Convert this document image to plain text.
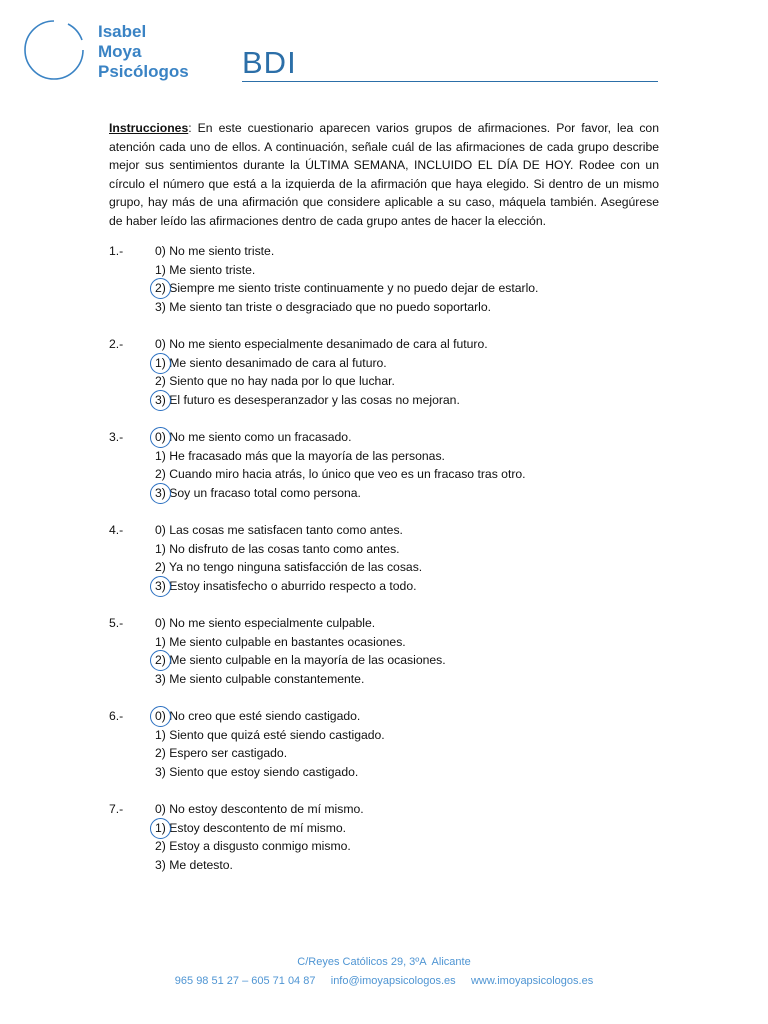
Isabel
Moya
Psicólogos BDI
Instrucciones: En este cuestionario aparecen varios grupos de afirmaciones. Por favor, lea con atención cada uno de ellos. A continuación, señale cuál de las afirmaciones de cada grupo describe mejor sus sentimientos durante la ÚLTIMA SEMANA, INCLUIDO EL DÍA DE HOY. Rodee con un círculo el número que está a la izquierda de la afirmación que haya elegido. Si dentro de un mismo grupo, hay más de una afirmación que considere aplicable a su caso, máquela también. Asegúrese de haber leído las afirmaciones dentro de cada grupo antes de hacer la elección.
1.-	0) No me siento triste.
1) Me siento triste.
2) Siempre me siento triste continuamente y no puedo dejar de estarlo.
3) Me siento tan triste o desgraciado que no puedo soportarlo.
2.-	0) No me siento especialmente desanimado de cara al futuro.
1) Me siento desanimado de cara al futuro.
2) Siento que no hay nada por lo que luchar.
3) El futuro es desesperanzador y las cosas no mejoran.
3.-	0) No me siento como un fracasado.
1) He fracasado más que la mayoría de las personas.
2) Cuando miro hacia atrás, lo único que veo es un fracaso tras otro.
3) Soy un fracaso total como persona.
4.-	0) Las cosas me satisfacen tanto como antes.
1) No disfruto de las cosas tanto como antes.
2) Ya no tengo ninguna satisfacción de las cosas.
3) Estoy insatisfecho o aburrido respecto a todo.
5.-	0) No me siento especialmente culpable.
1) Me siento culpable en bastantes ocasiones.
2) Me siento culpable en la mayoría de las ocasiones.
3) Me siento culpable constantemente.
6.-	0) No creo que esté siendo castigado.
1) Siento que quizá esté siendo castigado.
2) Espero ser castigado.
3) Siento que estoy siendo castigado.
7.-	0) No estoy descontento de mí mismo.
1) Estoy descontento de mí mismo.
2) Estoy a disgusto conmigo mismo.
3) Me detesto.
C/Reyes Católicos 29, 3ºA  Alicante
965 98 51 27 – 605 71 04 87 info@imoyapsicologos.es www.imoyapsicologos.es
